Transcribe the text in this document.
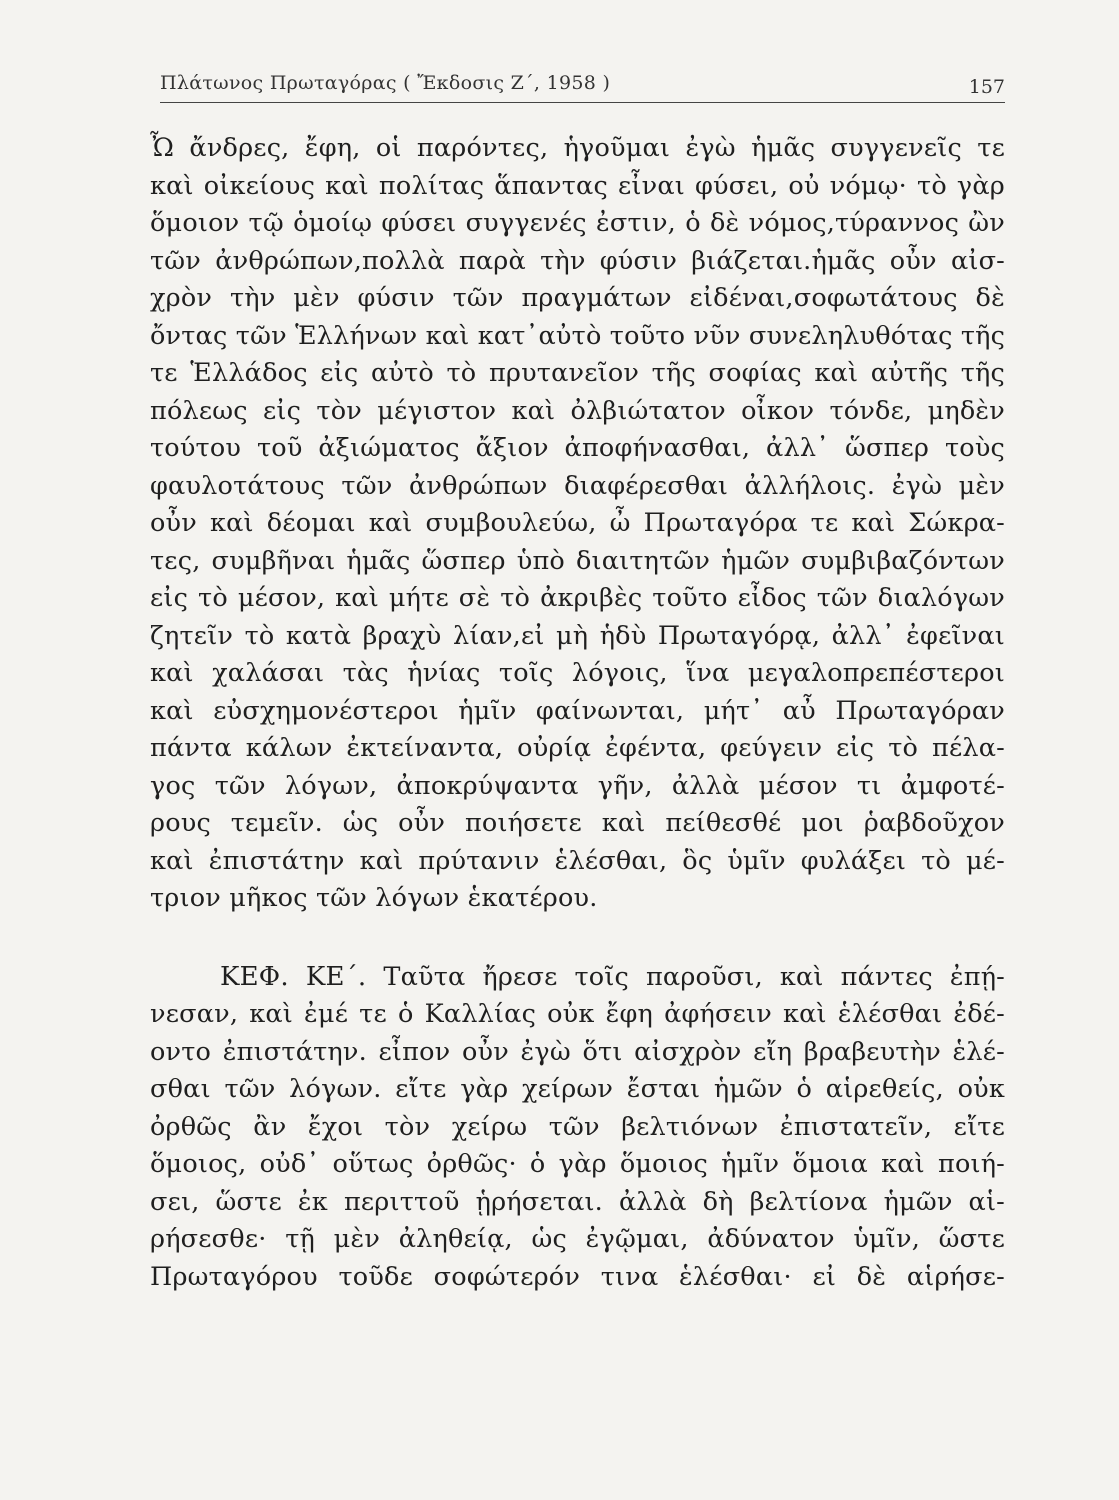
Πλάτωνος Πρωταγόρας ( Ἔκδοσις Ζ΄, 1958 )	157
Ὦ ἄνδρες, ἔφη, οἱ παρόντες, ἡγοῦμαι ἐγὼ ἡμᾶς συγγενεῖς τε
καὶ οἰκείους καὶ πολίτας ἅπαντας εἶναι φύσει, οὐ νόμῳ· τὸ γὰρ
ὅμοιον τῷ ὁμοίῳ φύσει συγγενές ἐστιν, ὁ δὲ νόμος,τύραννος ὢν
τῶν ἀνθρώπων,πολλὰ παρὰ τὴν φύσιν βιάζεται.ἡμᾶς οὖν αἰσ-
χρὸν τὴν μὲν φύσιν τῶν πραγμάτων εἰδέναι,σοφωτάτους δὲ
ὄντας τῶν Ἑλλήνων καὶ κατ᾽αὐτὸ τοῦτο νῦν συνεληλυθότας τῆς
τε Ἑλλάδος εἰς αὐτὸ τὸ πρυτανεῖον τῆς σοφίας καὶ αὐτῆς τῆς
πόλεως εἰς τὸν μέγιστον καὶ ὀλβιώτατον οἶκον τόνδε, μηδὲν
τούτου τοῦ ἀξιώματος ἄξιον ἀποφήνασθαι, ἀλλ᾽ ὥσπερ τοὺς
φαυλοτάτους τῶν ἀνθρώπων διαφέρεσθαι ἀλλήλοις. ἐγὼ μὲν
οὖν καὶ δέομαι καὶ συμβουλεύω, ὦ Πρωταγόρα τε καὶ Σώκρα-
τες, συμβῆναι ἡμᾶς ὥσπερ ὑπὸ διαιτητῶν ἡμῶν συμβιβαζόντων
εἰς τὸ μέσον, καὶ μήτε σὲ τὸ ἀκριβὲς τοῦτο εἶδος τῶν διαλόγων
ζητεῖν τὸ κατὰ βραχὺ λίαν,εἰ μὴ ἡδὺ Πρωταγόρᾳ, ἀλλ᾽ ἐφεῖναι
καὶ χαλάσαι τὰς ἡνίας τοῖς λόγοις, ἵνα μεγαλοπρεπέστεροι
καὶ εὐσχημονέστεροι ἡμῖν φαίνωνται, μήτ᾽ αὖ Πρωταγόραν
πάντα κάλων ἐκτείναντα, οὐρίᾳ ἐφέντα, φεύγειν εἰς τὸ πέλα-
γος τῶν λόγων, ἀποκρύψαντα γῆν, ἀλλὰ μέσον τι ἀμφοτέ-
ρους τεμεῖν. ὡς οὖν ποιήσετε καὶ πείθεσθέ μοι ῥαβδοῦχον
καὶ ἐπιστάτην καὶ πρύτανιν ἑλέσθαι, ὃς ὑμῖν φυλάξει τὸ μέ-
τριον μῆκος τῶν λόγων ἑκατέρου.
ΚΕΦ. ΚΕ΄. Ταῦτα ἤρεσε τοῖς παροῦσι, καὶ πάντες ἐπῄ-
νεσαν, καὶ ἐμέ τε ὁ Καλλίας οὐκ ἔφη ἀφήσειν καὶ ἑλέσθαι ἐδέ-
οντο ἐπιστάτην. εἶπον οὖν ἐγὼ ὅτι αἰσχρὸν εἴη βραβευτὴν ἑλέ-
σθαι τῶν λόγων. εἴτε γὰρ χείρων ἔσται ἡμῶν ὁ αἱρεθείς, οὐκ
ὀρθῶς ἂν ἔχοι τὸν χείρω τῶν βελτιόνων ἐπιστατεῖν, εἴτε
ὅμοιος, οὐδ᾽ οὕτως ὀρθῶς· ὁ γὰρ ὅμοιος ἡμῖν ὅμοια καὶ ποιή-
σει, ὥστε ἐκ περιττοῦ ᾑρήσεται. ἀλλὰ δὴ βελτίονα ἡμῶν αἱ-
ρήσεσθε· τῇ μὲν ἀληθείᾳ, ὡς ἐγῷμαι, ἀδύνατον ὑμῖν, ὥστε
Πρωταγόρου τοῦδε σοφώτερόν τινα ἑλέσθαι· εἰ δὲ αἱρήσε-
